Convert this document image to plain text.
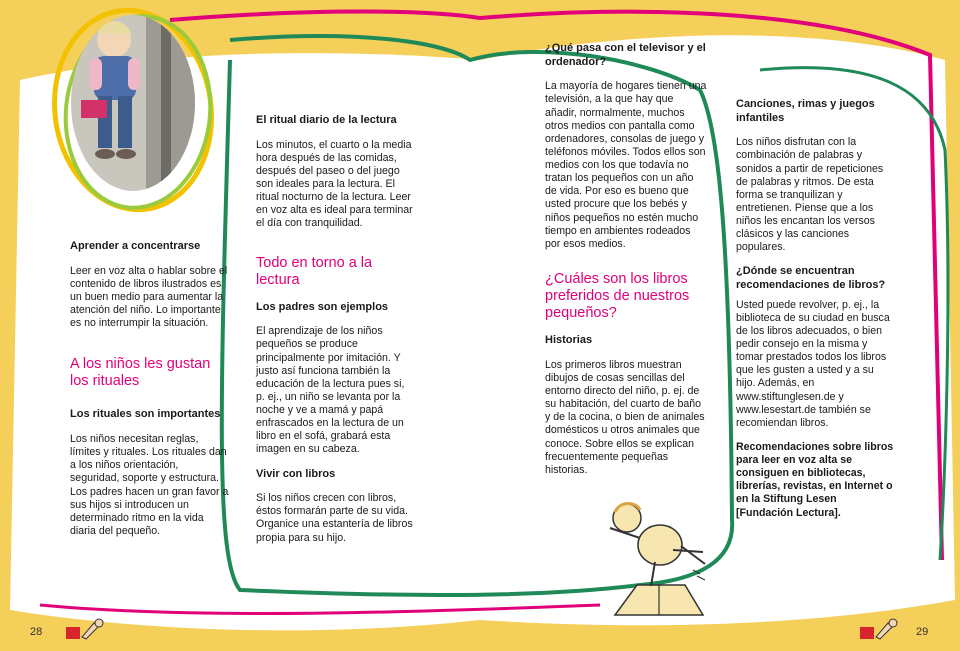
Aprender a concentrarse

Leer en voz alta o hablar sobre el contenido de libros ilustrados es un buen medio para aumentar la atención del niño. Lo importante es no interrumpir la situación.

A los niños les gustan los rituales
Los rituales son importantes

Los niños necesitan reglas, límites y rituales. Los rituales dan a los niños orientación, seguridad, soporte y estructura. Los padres hacen un gran favor a sus hijos si introducen un determinado ritmo en la vida diaria del pequeño.

El ritual diario de la lectura

Los minutos, el cuarto o la media hora después de las comidas, después del paseo o del juego son ideales para la lectura. El ritual nocturno de la lectura. Leer en voz alta es ideal para terminar el día con tranquilidad.

Todo en torno a la lectura
Los padres son ejemplos

El aprendizaje de los niños pequeños se produce principalmente por imitación. Y justo así funciona también la educación de la lectura pues si, p. ej., un niño se levanta por la noche y ve a mamá y papá enfrascados en la lectura de un libro en el sofá, grabará esta imagen en su cabeza.

Vivir con libros

Si los niños crecen con libros, éstos formarán parte de su vida. Organice una estantería de libros propia para su hijo.

¿Qué pasa con el televisor y el ordenador?

La mayoría de hogares tienen una televisión, a la que hay que añadir, normalmente, muchos otros medios con pantalla como ordenadores, consolas de juego y teléfonos móviles. Todos ellos son medios con los que todavía no tratan los pequeños con un año de vida. Por eso es bueno que usted procure que los bebés y niños pequeños no estén mucho tiempo en ambientes rodeados por esos medios.

¿Cuáles son los libros preferidos de nuestros pequeños?
Historias

Los primeros libros muestran dibujos de cosas sencillas del entorno directo del niño, p. ej. de su habitación, del cuarto de baño y de la cocina, o bien de animales domésticos u otros animales que conoce. Sobre ellos se explican frecuentemente pequeñas historias.

Canciones, rimas y juegos infantiles

Los niños disfrutan con la combinación de palabras y sonidos a partir de repeticiones de palabras y ritmos. De esta forma se tranquilizan y entretienen. Piense que a los niños les encantan los versos clásicos y las canciones populares.

¿Dónde se encuentran recomendaciones de libros?

Usted puede revolver, p. ej., la biblioteca de su ciudad en busca de los libros adecuados, o bien pedir consejo en la misma y tomar prestados todos los libros que les gusten a usted y a su hijo. Además, en www.stiftunglesen.de y www.lesestart.de también se recomiendan libros.

Recomendaciones sobre libros para leer en voz alta se consiguen en bibliotecas, librerías, revistas, en Internet o en la Stiftung Lesen [Fundación Lectura].

28	29
